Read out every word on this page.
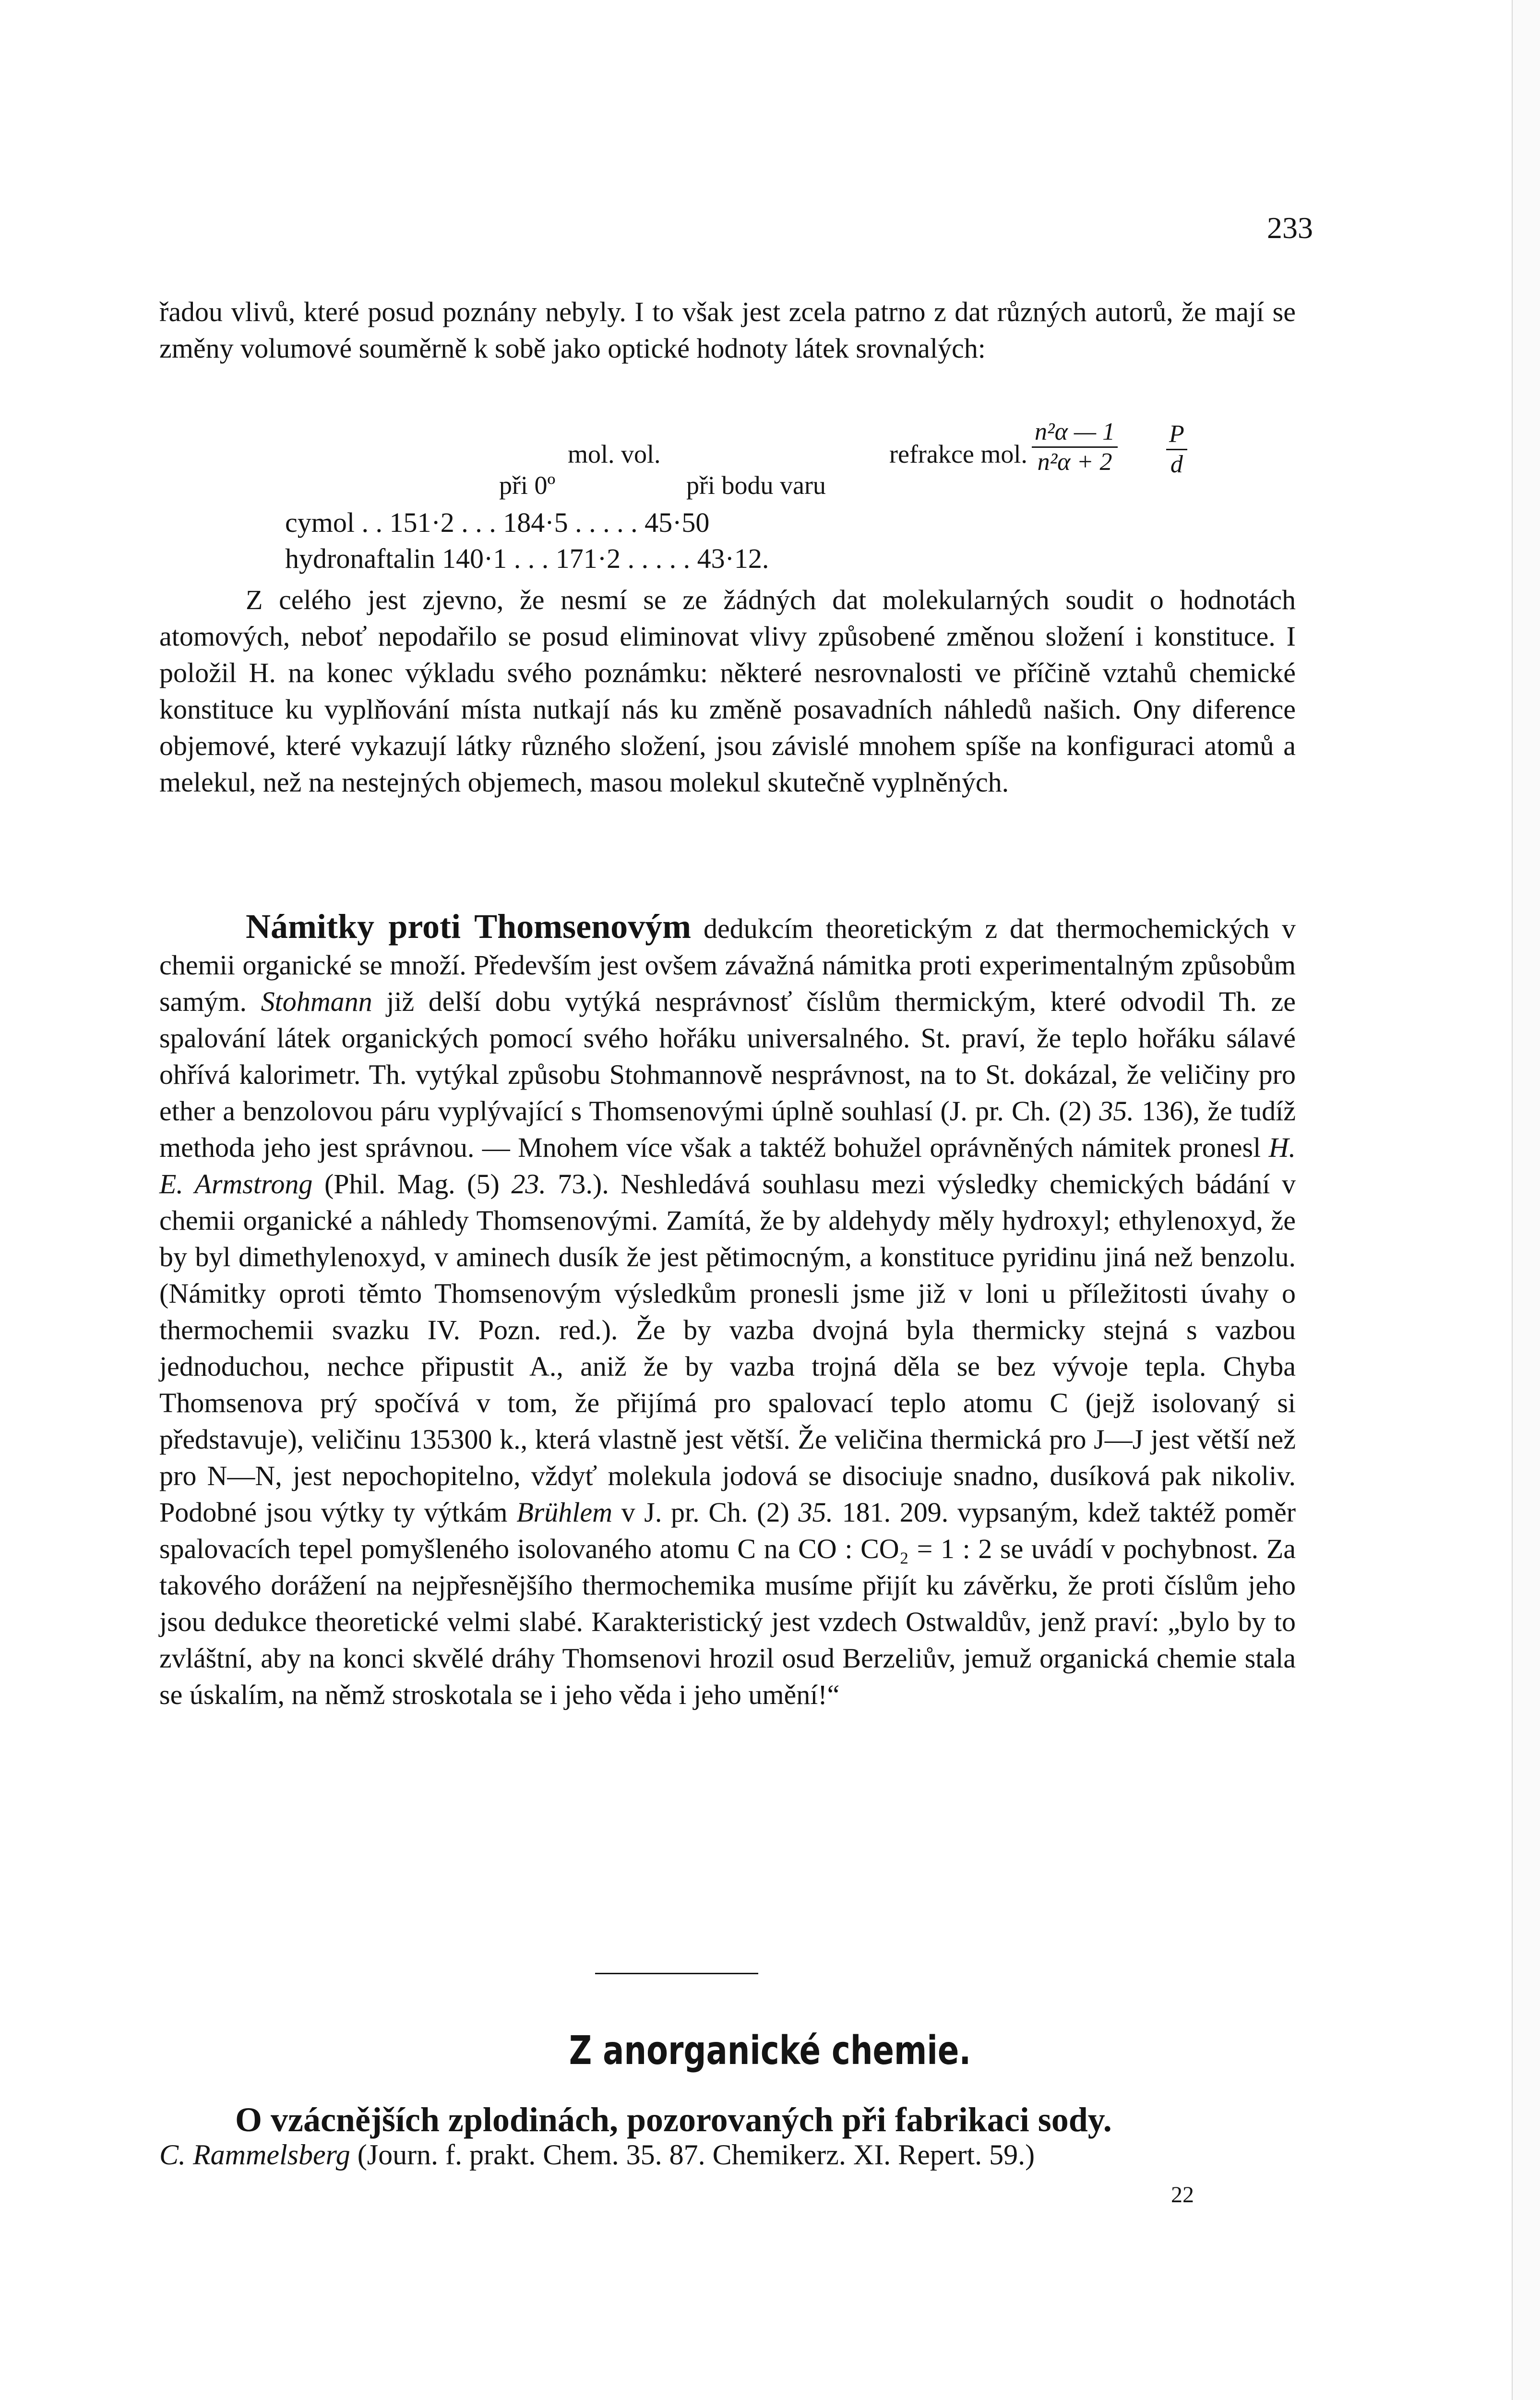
233

řadou vlivů, které posud poznány nebyly. I to však jest zcela patrno z dat různých autorů, že mají se změny volumové souměrně k sobě jako optické hodnoty látek srovnalých:

mol. vol.	refrakce mol.
při 0º	při bodu varu
$\frac{\text{n²α — 1}}{\text{n²α + 2}}$ P
d
cymol . . 151·2 . . . 184·5 . . . . . 45·50
hydronaftalin 140·1 . . . 171·2 . . . . . 43·12.

Z celého jest zjevno, že nesmí se ze žádných dat molekularných soudit o hodnotách atomových, neboť nepodařilo se posud eliminovat vlivy způsobené změnou složení i konstituce. I položil H. na konec výkladu svého poznámku: některé nesrovnalosti ve příčině vztahů chemické konstituce ku vyplňování místa nutkají nás ku změně posavadních náhledů našich. Ony diference objemové, které vykazují látky různého složení, jsou závislé mnohem spíše na konfiguraci atomů a melekul, než na nestejných objemech, masou molekul skutečně vyplněných.

Námitky proti Thomsenovým dedukcím theoretickým z dat thermochemických v chemii organické se množí. Především jest ovšem závažná námitka proti experimentalným způsobům samým. Stohmann již delší dobu vytýká nesprávnosť číslům thermickým, které odvodil Th. ze spalování látek organických pomocí svého hořáku universalného. St. praví, že teplo hořáku sálavé ohřívá kalorimetr. Th. vytýkal způsobu Stohmannově nesprávnost, na to St. dokázal, že veličiny pro ether a benzolovou páru vyplývající s Thomsenovými úplně souhlasí (J. pr. Ch. (2) 35. 136), že tudíž methoda jeho jest správnou. — Mnohem více však a taktéž bohužel oprávněných námitek pronesl H. E. Armstrong (Phil. Mag. (5) 23. 73.). Neshledává souhlasu mezi výsledky chemických bádání v chemii organické a náhledy Thomsenovými. Zamítá, že by aldehydy měly hydroxyl; ethylenoxyd, že by byl dimethylenoxyd, v aminech dusík že jest pětimocným, a konstituce pyridinu jiná než benzolu. (Námitky oproti těmto Thomsenovým výsledkům pronesli jsme již v loni u příležitosti úvahy o thermochemii svazku IV. Pozn. red.). Že by vazba dvojná byla thermicky stejná s vazbou jednoduchou, nechce připustit A., aniž že by vazba trojná děla se bez vývoje tepla. Chyba Thomsenova prý spočívá v tom, že přijímá pro spalovací teplo atomu C (jejž isolovaný si představuje), veličinu 135300 k., která vlastně jest větší. Že veličina thermická pro J—J jest větší než pro N—N, jest nepochopitelno, vždyť molekula jodová se disociuje snadno, dusíková pak nikoliv. Podobné jsou výtky ty výtkám Brühlem v J. pr. Ch. (2) 35. 181. 209. vypsaným, kdež taktéž poměr spalovacích tepel pomyšleného isolovaného atomu C na CO : CO₂ = 1 : 2 se uvádí v pochybnost. Za takového dorážení na nejpřesnějšího thermochemika musíme přijít ku závěrku, že proti číslům jeho jsou dedukce theoretické velmi slabé. Karakteristický jest vzdech Ostwaldův, jenž praví: „bylo by to zvláštní, aby na konci skvělé dráhy Thomsenovi hrozil osud Berzeliův, jemuž organická chemie stala se úskalím, na němž stroskotala se i jeho věda i jeho umění!“

Z anorganické chemie.
O vzácnějších zplodinách, pozorovaných při fabrikaci sody.
C. Rammelsberg (Journ. f. prakt. Chem. 35. 87. Chemikerz. XI. Repert. 59.)
22
